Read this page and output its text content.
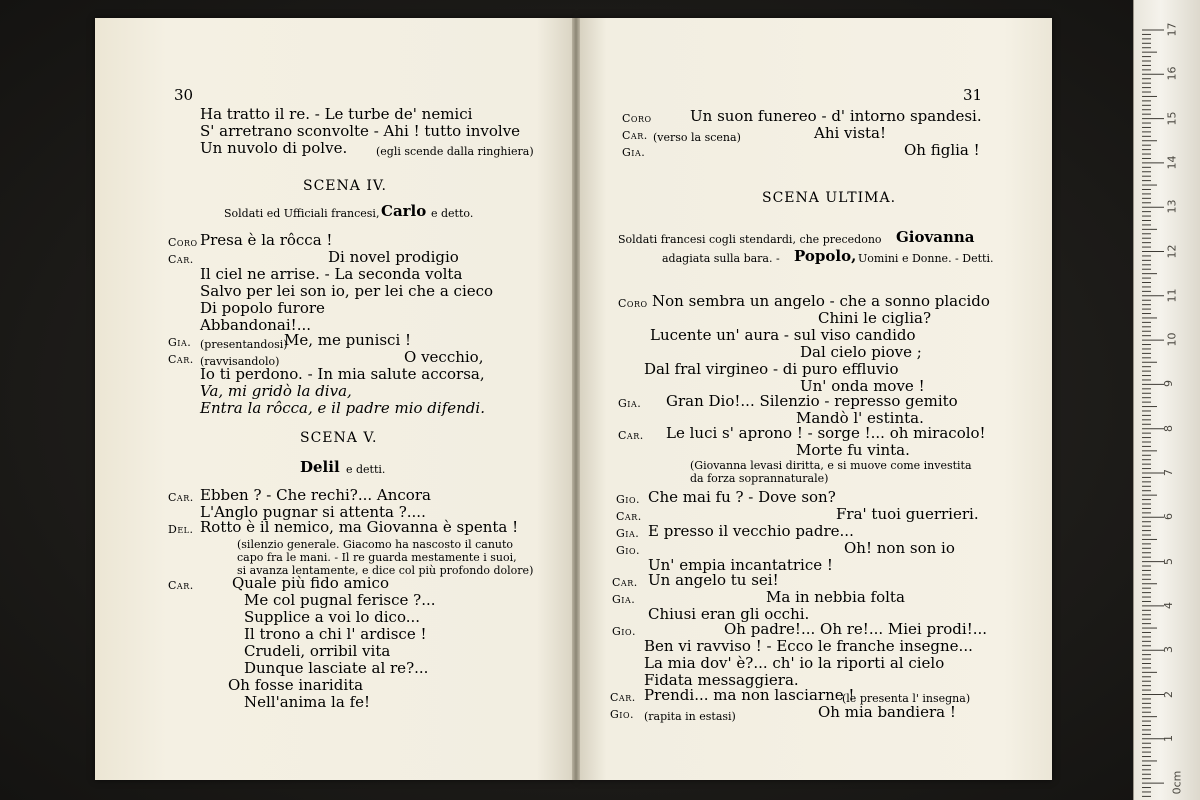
30	31
Ha tratto il re. - Le turbe de' nemici
S' arretrano sconvolte - Ahi ! tutto involve
Un nuvolo di polve.	(egli scende dalla ringhiera)
SCENA IV.
Soldati ed Ufficiali francesi, Carlo e detto.
Coro Presa è la rôcca !
Car.	Di novel prodigio
Il ciel ne arrise. - La seconda volta
Salvo per lei son io, per lei che a cieco
Di popolo furore
Abbandonai!...
Gia. (presentandosi)
Me, me punisci !
Car. (ravvisandolo)	O vecchio,
Io ti perdono. - In mia salute accorsa,
Va, mi gridò la diva,
Entra la rôcca, e il padre mio difendi.
SCENA V.
Delil e detti.
Car. Ebben ? - Che rechi?... Ancora
L'Anglo pugnar si attenta ?....
Del. Rotto è il nemico, ma Giovanna è spenta !
(silenzio generale. Giacomo ha nascosto il canuto
capo fra le mani. - Il re guarda mestamente i suoi,
si avanza lentamente, e dice col più profondo dolore)
Car.	Quale più fido amico
Me col pugnal ferisce ?...
Supplice a voi lo dico...
Il trono a chi l' ardisce !
Crudeli, orribil vita
Dunque lasciate al re?...
Oh fosse inaridita
Nell'anima la fe!
Coro	Un suon funereo - d' intorno spandesi.
Car. (verso la scena)	Ahi vista!
Gia.	Oh figlia !
SCENA ULTIMA.
Soldati francesi cogli stendardi, che precedono Giovanna
adagiata sulla bara. - Popolo, Uomini e Donne. - Detti.
Coro Non sembra un angelo - che a sonno placido
Chini le ciglia?
Lucente un' aura - sul viso candido
Dal cielo piove ;
Dal fral virgineo - di puro effluvio
Un' onda move !
Gia. Gran Dio!... Silenzio - represso gemito
Mandò l' estinta.
Car. Le luci s' aprono ! - sorge !... oh miracolo!
Morte fu vinta.
(Giovanna levasi diritta, e si muove come investita
da forza soprannaturale)
Gio. Che mai fu ? - Dove son?
Car.	Fra' tuoi guerrieri.
Gia. E presso il vecchio padre...
Gio.	Oh! non son io
Un' empia incantatrice !
Car. Un angelo tu sei!
Gia.	Ma in nebbia folta
Chiusi eran gli occhi.
Gio.	Oh padre!... Oh re!... Miei prodi!...
Ben vi ravviso ! - Ecco le franche insegne...
La mia dov' è?... ch' io la riporti al cielo
Fidata messaggiera.
Car. Prendi... ma non lasciarne !
(le presenta l' insegna)
Gio. (rapita in estasi)	Oh mia bandiera !
17
16
15
14
13
12
11
10
9
8
7
6
5
4
3
2
1
0cm
